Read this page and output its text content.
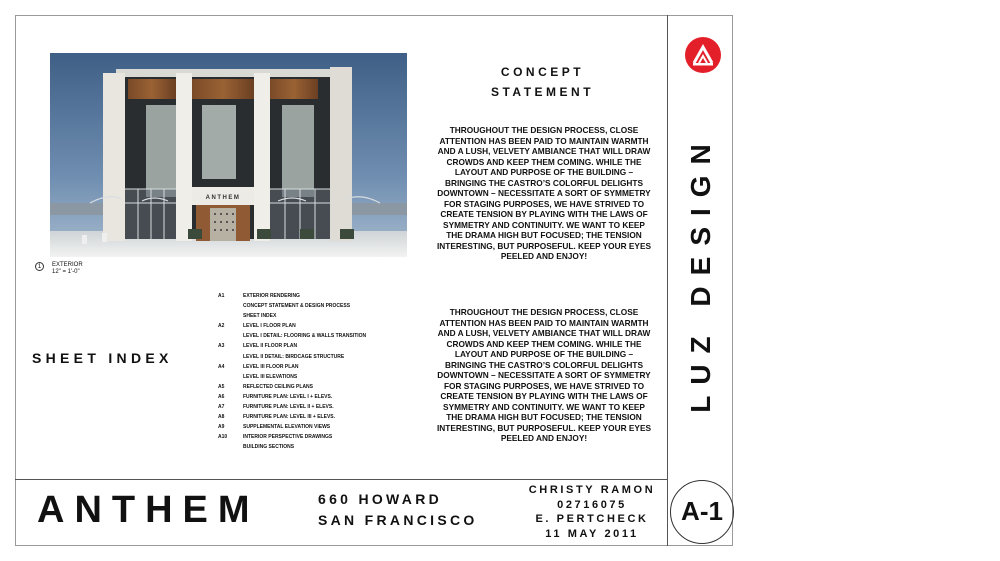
ANTHEM
1	EXTERIOR
12" = 1'-0"
CONCEPT
STATEMENT
THROUGHOUT THE DESIGN PROCESS, CLOSE ATTENTION HAS BEEN PAID TO MAINTAIN WARMTH AND A LUSH, VELVETY AMBIANCE THAT WILL DRAW CROWDS AND KEEP THEM COMING. WHILE THE LAYOUT AND PURPOSE OF THE BUILDING – BRINGING THE CASTRO’S COLORFUL DELIGHTS DOWNTOWN – NECESSITATE A SORT OF SYMMETRY FOR STAGING PURPOSES, WE HAVE STRIVED TO CREATE TENSION BY PLAYING WITH THE LAWS OF SYMMETRY AND CONTINUITY. WE WANT TO KEEP THE DRAMA HIGH BUT FOCUSED; THE TENSION INTERESTING, BUT PURPOSEFUL. KEEP YOUR EYES PEELED AND ENJOY!
THROUGHOUT THE DESIGN PROCESS, CLOSE ATTENTION HAS BEEN PAID TO MAINTAIN WARMTH AND A LUSH, VELVETY AMBIANCE THAT WILL DRAW CROWDS AND KEEP THEM COMING. WHILE THE LAYOUT AND PURPOSE OF THE BUILDING – BRINGING THE CASTRO’S COLORFUL DELIGHTS DOWNTOWN – NECESSITATE A SORT OF SYMMETRY FOR STAGING PURPOSES, WE HAVE STRIVED TO CREATE TENSION BY PLAYING WITH THE LAWS OF SYMMETRY AND CONTINUITY. WE WANT TO KEEP THE DRAMA HIGH BUT FOCUSED; THE TENSION INTERESTING, BUT PURPOSEFUL. KEEP YOUR EYES PEELED AND ENJOY!
SHEET INDEX
A1	EXTERIOR RENDERING
CONCEPT STATEMENT & DESIGN PROCESS
SHEET INDEX
A2	LEVEL I FLOOR PLAN
LEVEL I DETAIL: FLOORING & WALLS TRANSITION
A3	LEVEL II FLOOR PLAN
LEVEL II DETAIL: BIRDCAGE STRUCTURE
A4	LEVEL III FLOOR PLAN
LEVEL III ELEVATIONS
A5	REFLECTED CEILING PLANS
A6	FURNITURE PLAN: LEVEL I + ELEVS.
A7	FURNITURE PLAN: LEVEL II + ELEVS.
A8	FURNITURE PLAN: LEVEL III + ELEVS.
A9	SUPPLEMENTAL ELEVATION VIEWS
A10	INTERIOR PERSPECTIVE DRAWINGS
BUILDING SECTIONS
ANTHEM	660 HOWARD
SAN FRANCISCO
CHRISTY RAMON
02716075
E. PERTCHECK
11 MAY 2011
A-1
LUZ DESIGN
